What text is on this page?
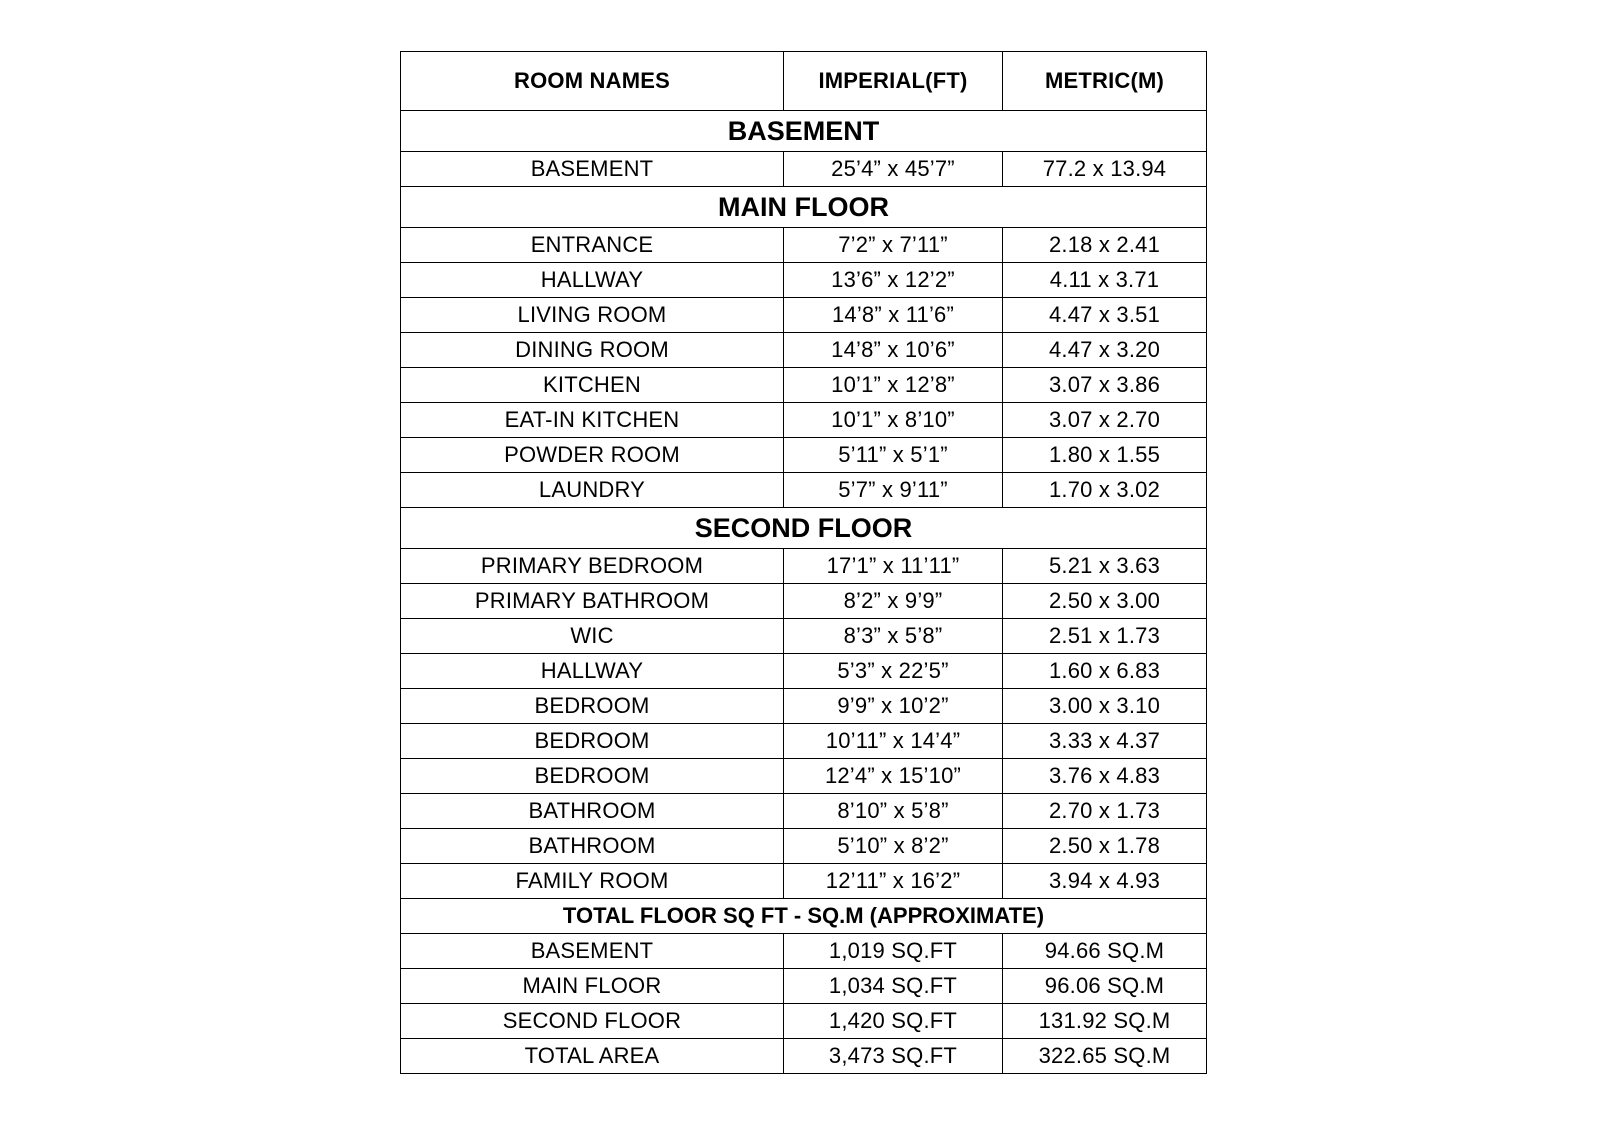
ROOM NAMES	IMPERIAL(FT)	METRIC(M)
BASEMENT		
BASEMENT	25’4” x 45’7”	77.2 x 13.94
MAIN FLOOR		
ENTRANCE	7’2” x 7’11”	2.18 x 2.41
HALLWAY	13’6” x 12’2”	4.11 x 3.71
LIVING ROOM	14’8” x 11’6”	4.47 x 3.51
DINING ROOM	14’8” x 10’6”	4.47 x 3.20
KITCHEN	10’1” x 12’8”	3.07 x 3.86
EAT-IN KITCHEN	10’1” x 8’10”	3.07 x 2.70
POWDER ROOM	5’11” x 5’1”	1.80 x 1.55
LAUNDRY	5’7” x 9’11”	1.70 x 3.02
SECOND FLOOR		
PRIMARY BEDROOM	17’1” x 11’11”	5.21 x 3.63
PRIMARY BATHROOM	8’2” x 9’9”	2.50 x 3.00
WIC	8’3” x 5’8”	2.51 x 1.73
HALLWAY	5’3” x 22’5”	1.60 x 6.83
BEDROOM	9’9” x 10’2”	3.00 x 3.10
BEDROOM	10’11” x 14’4”	3.33 x 4.37
BEDROOM	12’4” x 15’10”	3.76 x 4.83
BATHROOM	8’10” x 5’8”	2.70 x 1.73
BATHROOM	5’10” x 8’2”	2.50 x 1.78
FAMILY ROOM	12’11” x 16’2”	3.94 x 4.93
TOTAL FLOOR SQ FT - SQ.M (APPROXIMATE)		
BASEMENT	1,019 SQ.FT	94.66 SQ.M
MAIN FLOOR	1,034 SQ.FT	96.06 SQ.M
SECOND FLOOR	1,420 SQ.FT	131.92 SQ.M
TOTAL AREA	3,473 SQ.FT	322.65 SQ.M
